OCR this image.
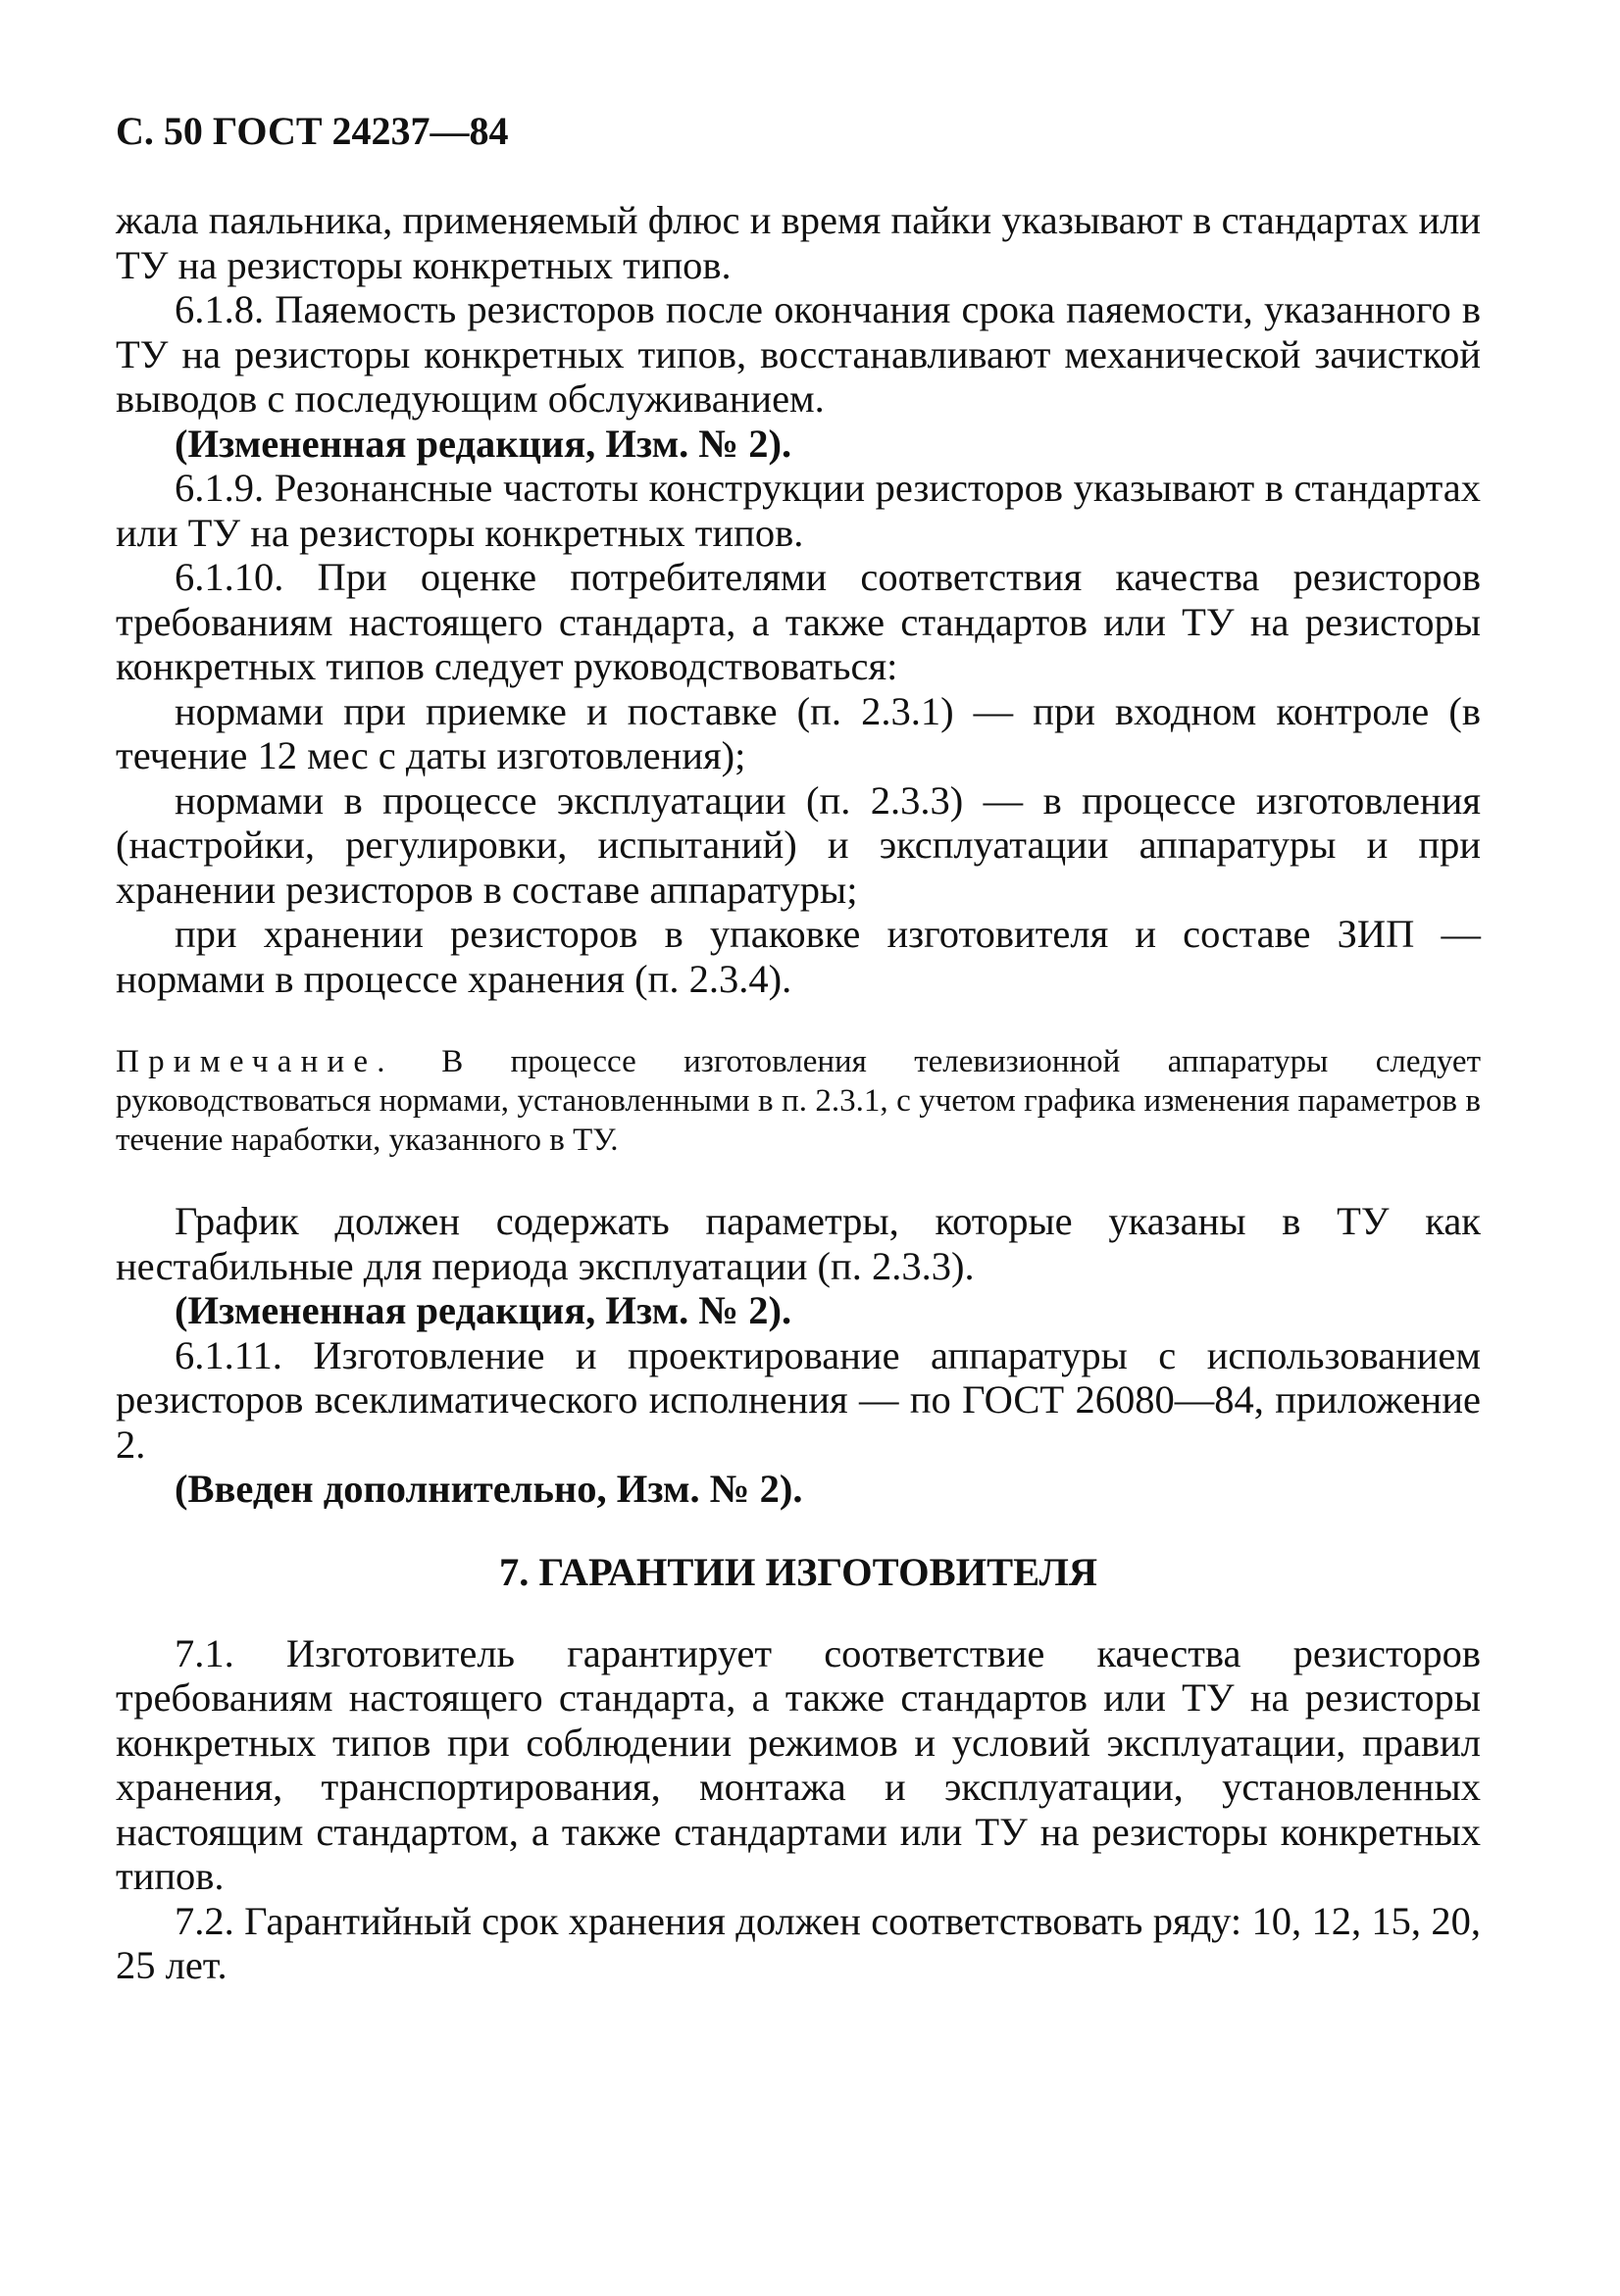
С. 50 ГОСТ 24237—84

жала паяльника, применяемый флюс и время пайки указывают в стандартах или ТУ на резисторы конкретных типов.

6.1.8. Паяемость резисторов после окончания срока паяемости, указанного в ТУ на резисторы конкретных типов, восстанавливают механической зачисткой выводов с последующим обслуживанием.

(Измененная редакция, Изм. № 2).

6.1.9. Резонансные частоты конструкции резисторов указывают в стандартах или ТУ на резисторы конкретных типов.

6.1.10. При оценке потребителями соответствия качества резисторов требованиям настоящего стандарта, а также стандартов или ТУ на резисторы конкретных типов следует руководствоваться:

нормами при приемке и поставке (п. 2.3.1) — при входном контроле (в течение 12 мес с даты изготовления);

нормами в процессе эксплуатации (п. 2.3.3) — в процессе изготовления (настройки, регулировки, испытаний) и эксплуатации аппаратуры и при хранении резисторов в составе аппаратуры;

при хранении резисторов в упаковке изготовителя и составе ЗИП — нормами в процессе хранения (п. 2.3.4).

Примечание. В процессе изготовления телевизионной аппаратуры следует руководствоваться нормами, установленными в п. 2.3.1, с учетом графика изменения параметров в течение наработки, указанного в ТУ.

График должен содержать параметры, которые указаны в ТУ как нестабильные для периода эксплуатации (п. 2.3.3).

(Измененная редакция, Изм. № 2).

6.1.11. Изготовление и проектирование аппаратуры с использованием резисторов всеклиматического исполнения — по ГОСТ 26080—84, приложение 2.

(Введен дополнительно, Изм. № 2).

7. ГАРАНТИИ ИЗГОТОВИТЕЛЯ

7.1. Изготовитель гарантирует соответствие качества резисторов требованиям настоящего стандарта, а также стандартов или ТУ на резисторы конкретных типов при соблюдении режимов и условий эксплуатации, правил хранения, транспортирования, монтажа и эксплуатации, установленных настоящим стандартом, а также стандартами или ТУ на резисторы конкретных типов.

7.2. Гарантийный срок хранения должен соответствовать ряду: 10, 12, 15, 20, 25 лет.
